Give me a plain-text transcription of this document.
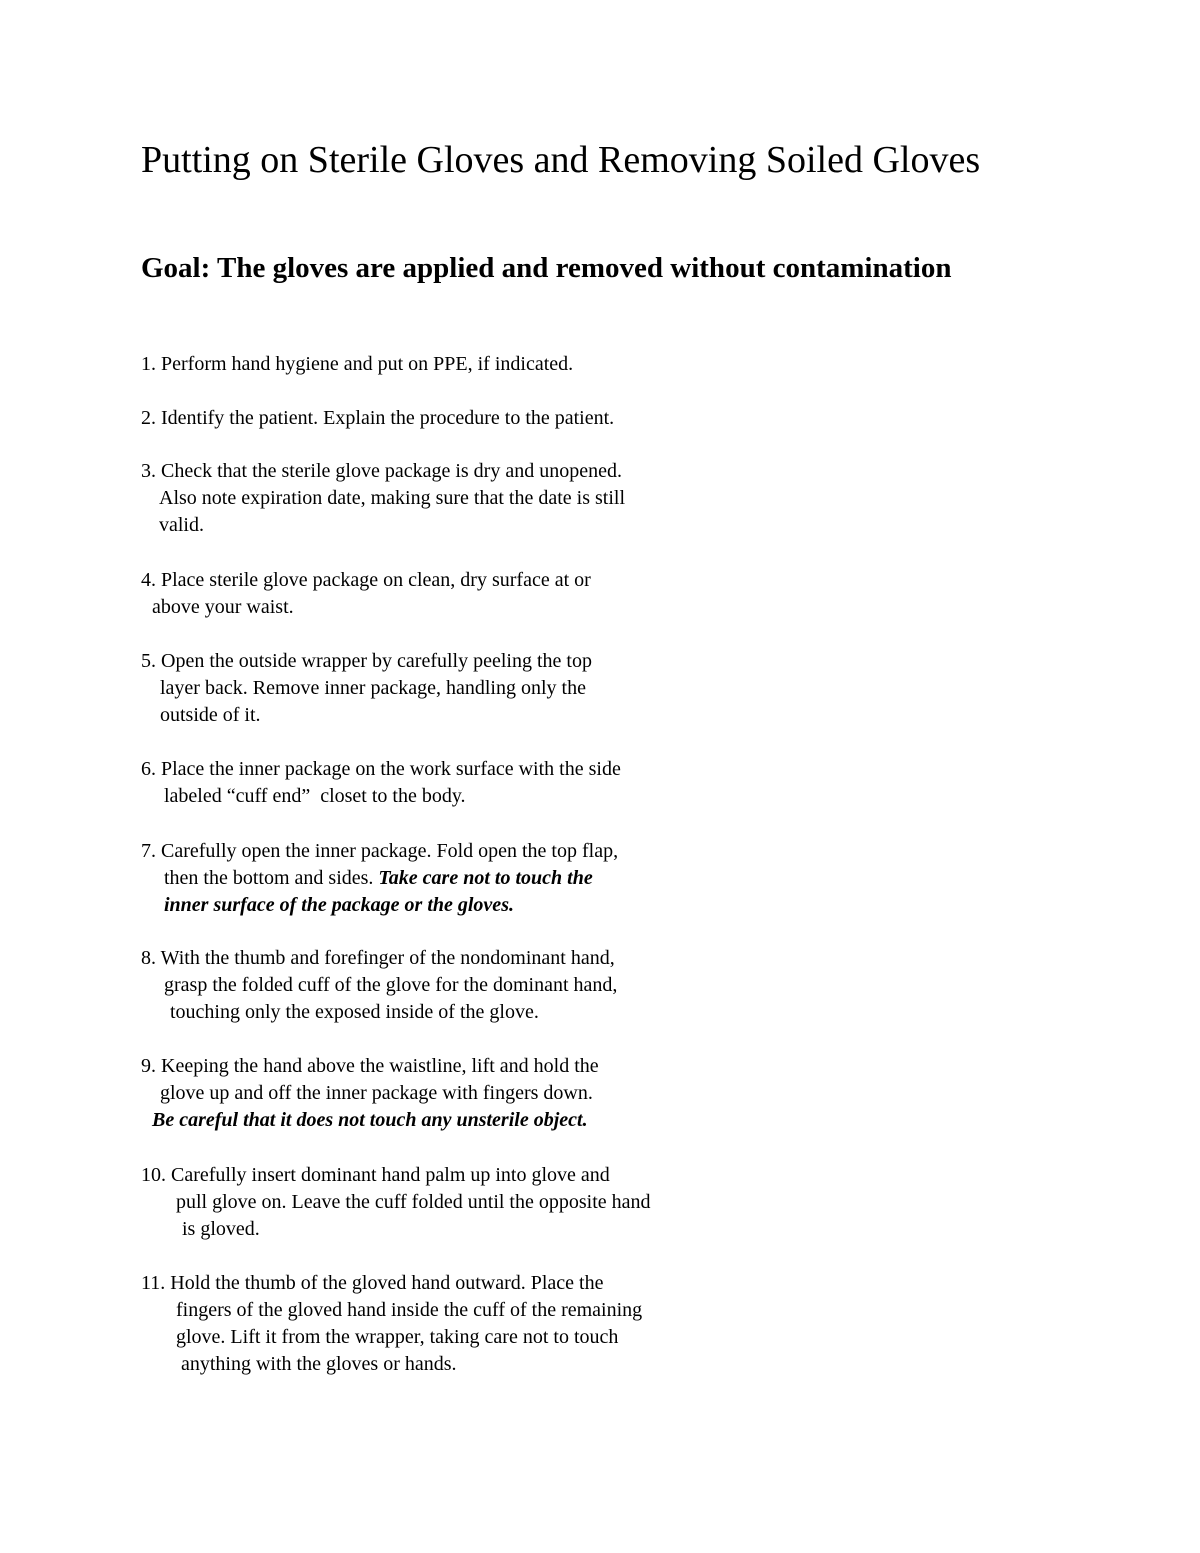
Putting on Sterile Gloves and Removing Soiled Gloves
Goal: The gloves are applied and removed without contamination
1. Perform hand hygiene and put on PPE, if indicated.
2. Identify the patient. Explain the procedure to the patient.
3. Check that the sterile glove package is dry and unopened.
Also note expiration date, making sure that the date is still
valid.
4. Place sterile glove package on clean, dry surface at or
above your waist.
5. Open the outside wrapper by carefully peeling the top
layer back. Remove inner package, handling only the
outside of it.
6. Place the inner package on the work surface with the side
labeled “cuff end”  closet to the body.
7. Carefully open the inner package. Fold open the top flap,
then the bottom and sides. Take care not to touch the
inner surface of the package or the gloves.
8. With the thumb and forefinger of the nondominant hand,
grasp the folded cuff of the glove for the dominant hand,
touching only the exposed inside of the glove.
9. Keeping the hand above the waistline, lift and hold the
glove up and off the inner package with fingers down.
Be careful that it does not touch any unsterile object.
10. Carefully insert dominant hand palm up into glove and
pull glove on. Leave the cuff folded until the opposite hand
is gloved.
11. Hold the thumb of the gloved hand outward. Place the
fingers of the gloved hand inside the cuff of the remaining
glove. Lift it from the wrapper, taking care not to touch
anything with the gloves or hands.
